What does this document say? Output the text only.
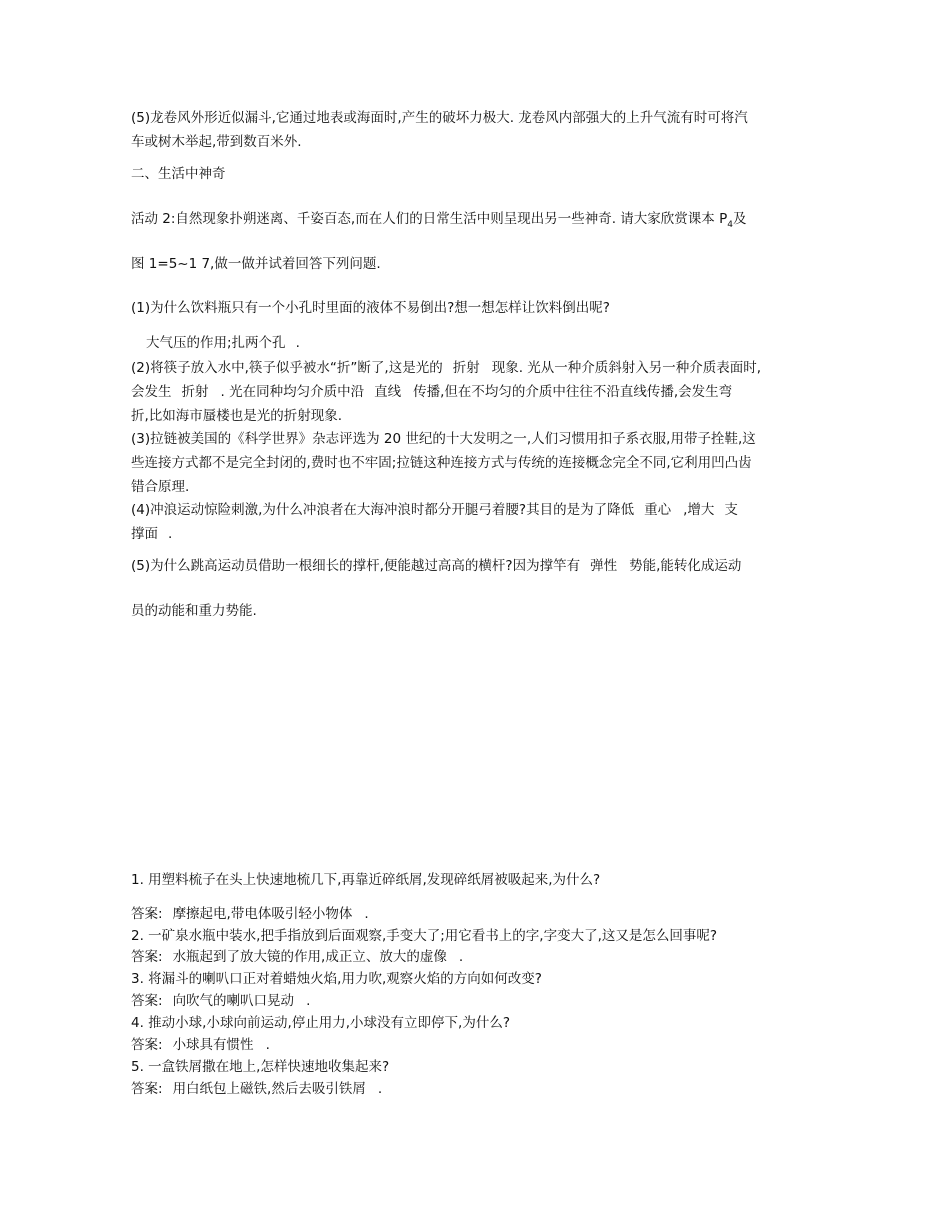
(5)龙卷风外形近似漏斗,它通过地表或海面时,产生的破坏力极大. 龙卷风内部强大的上升气流有时可将汽
车或树木举起,带到数百米外.
二、生活中神奇
活动 2:自然现象扑朔迷离、千姿百态,而在人们的日常生活中则呈现出另一些神奇. 请大家欣赏课本 $P_4$及
图 1=5~1 7,做一做并试着回答下列问题.
(1)为什么饮料瓶只有一个小孔时里面的液体不易倒出?想一想怎样让饮料倒出呢?
大气压的作用;扎两个孔 .
(2)将筷子放入水中,筷子似乎被水“折”断了,这是光的 折射 现象. 光从一种介质斜射入另一种介质表面时,
会发生 折射 . 光在同种均匀介质中沿 直线 传播,但在不均匀的介质中往往不沿直线传播,会发生弯
折,比如海市蜃楼也是光的折射现象.
(3)拉链被美国的《科学世界》杂志评选为 20 世纪的十大发明之一,人们习惯用扣子系衣服,用带子拴鞋,这
些连接方式都不是完全封闭的,费时也不牢固;拉链这种连接方式与传统的连接概念完全不同,它利用凹凸齿
错合原理.
(4)冲浪运动惊险刺激,为什么冲浪者在大海冲浪时都分开腿弓着腰?其目的是为了降低 重心 ,增大 支
撑面 .
(5)为什么跳高运动员借助一根细长的撑杆,便能越过高高的横杆?因为撑竿有 弹性 势能,能转化成运动
员的动能和重力势能.
1. 用塑料梳子在头上快速地梳几下,再靠近碎纸屑,发现碎纸屑被吸起来,为什么?
答案: 摩擦起电,带电体吸引轻小物体 .
2. 一矿泉水瓶中装水,把手指放到后面观察,手变大了;用它看书上的字,字变大了,这又是怎么回事呢?
答案: 水瓶起到了放大镜的作用,成正立、放大的虚像 .
3. 将漏斗的喇叭口正对着蜡烛火焰,用力吹,观察火焰的方向如何改变?
答案: 向吹气的喇叭口晃动 .
4. 推动小球,小球向前运动,停止用力,小球没有立即停下,为什么?
答案: 小球具有惯性 .
5. 一盒铁屑撒在地上,怎样快速地收集起来?
答案: 用白纸包上磁铁,然后去吸引铁屑 .
